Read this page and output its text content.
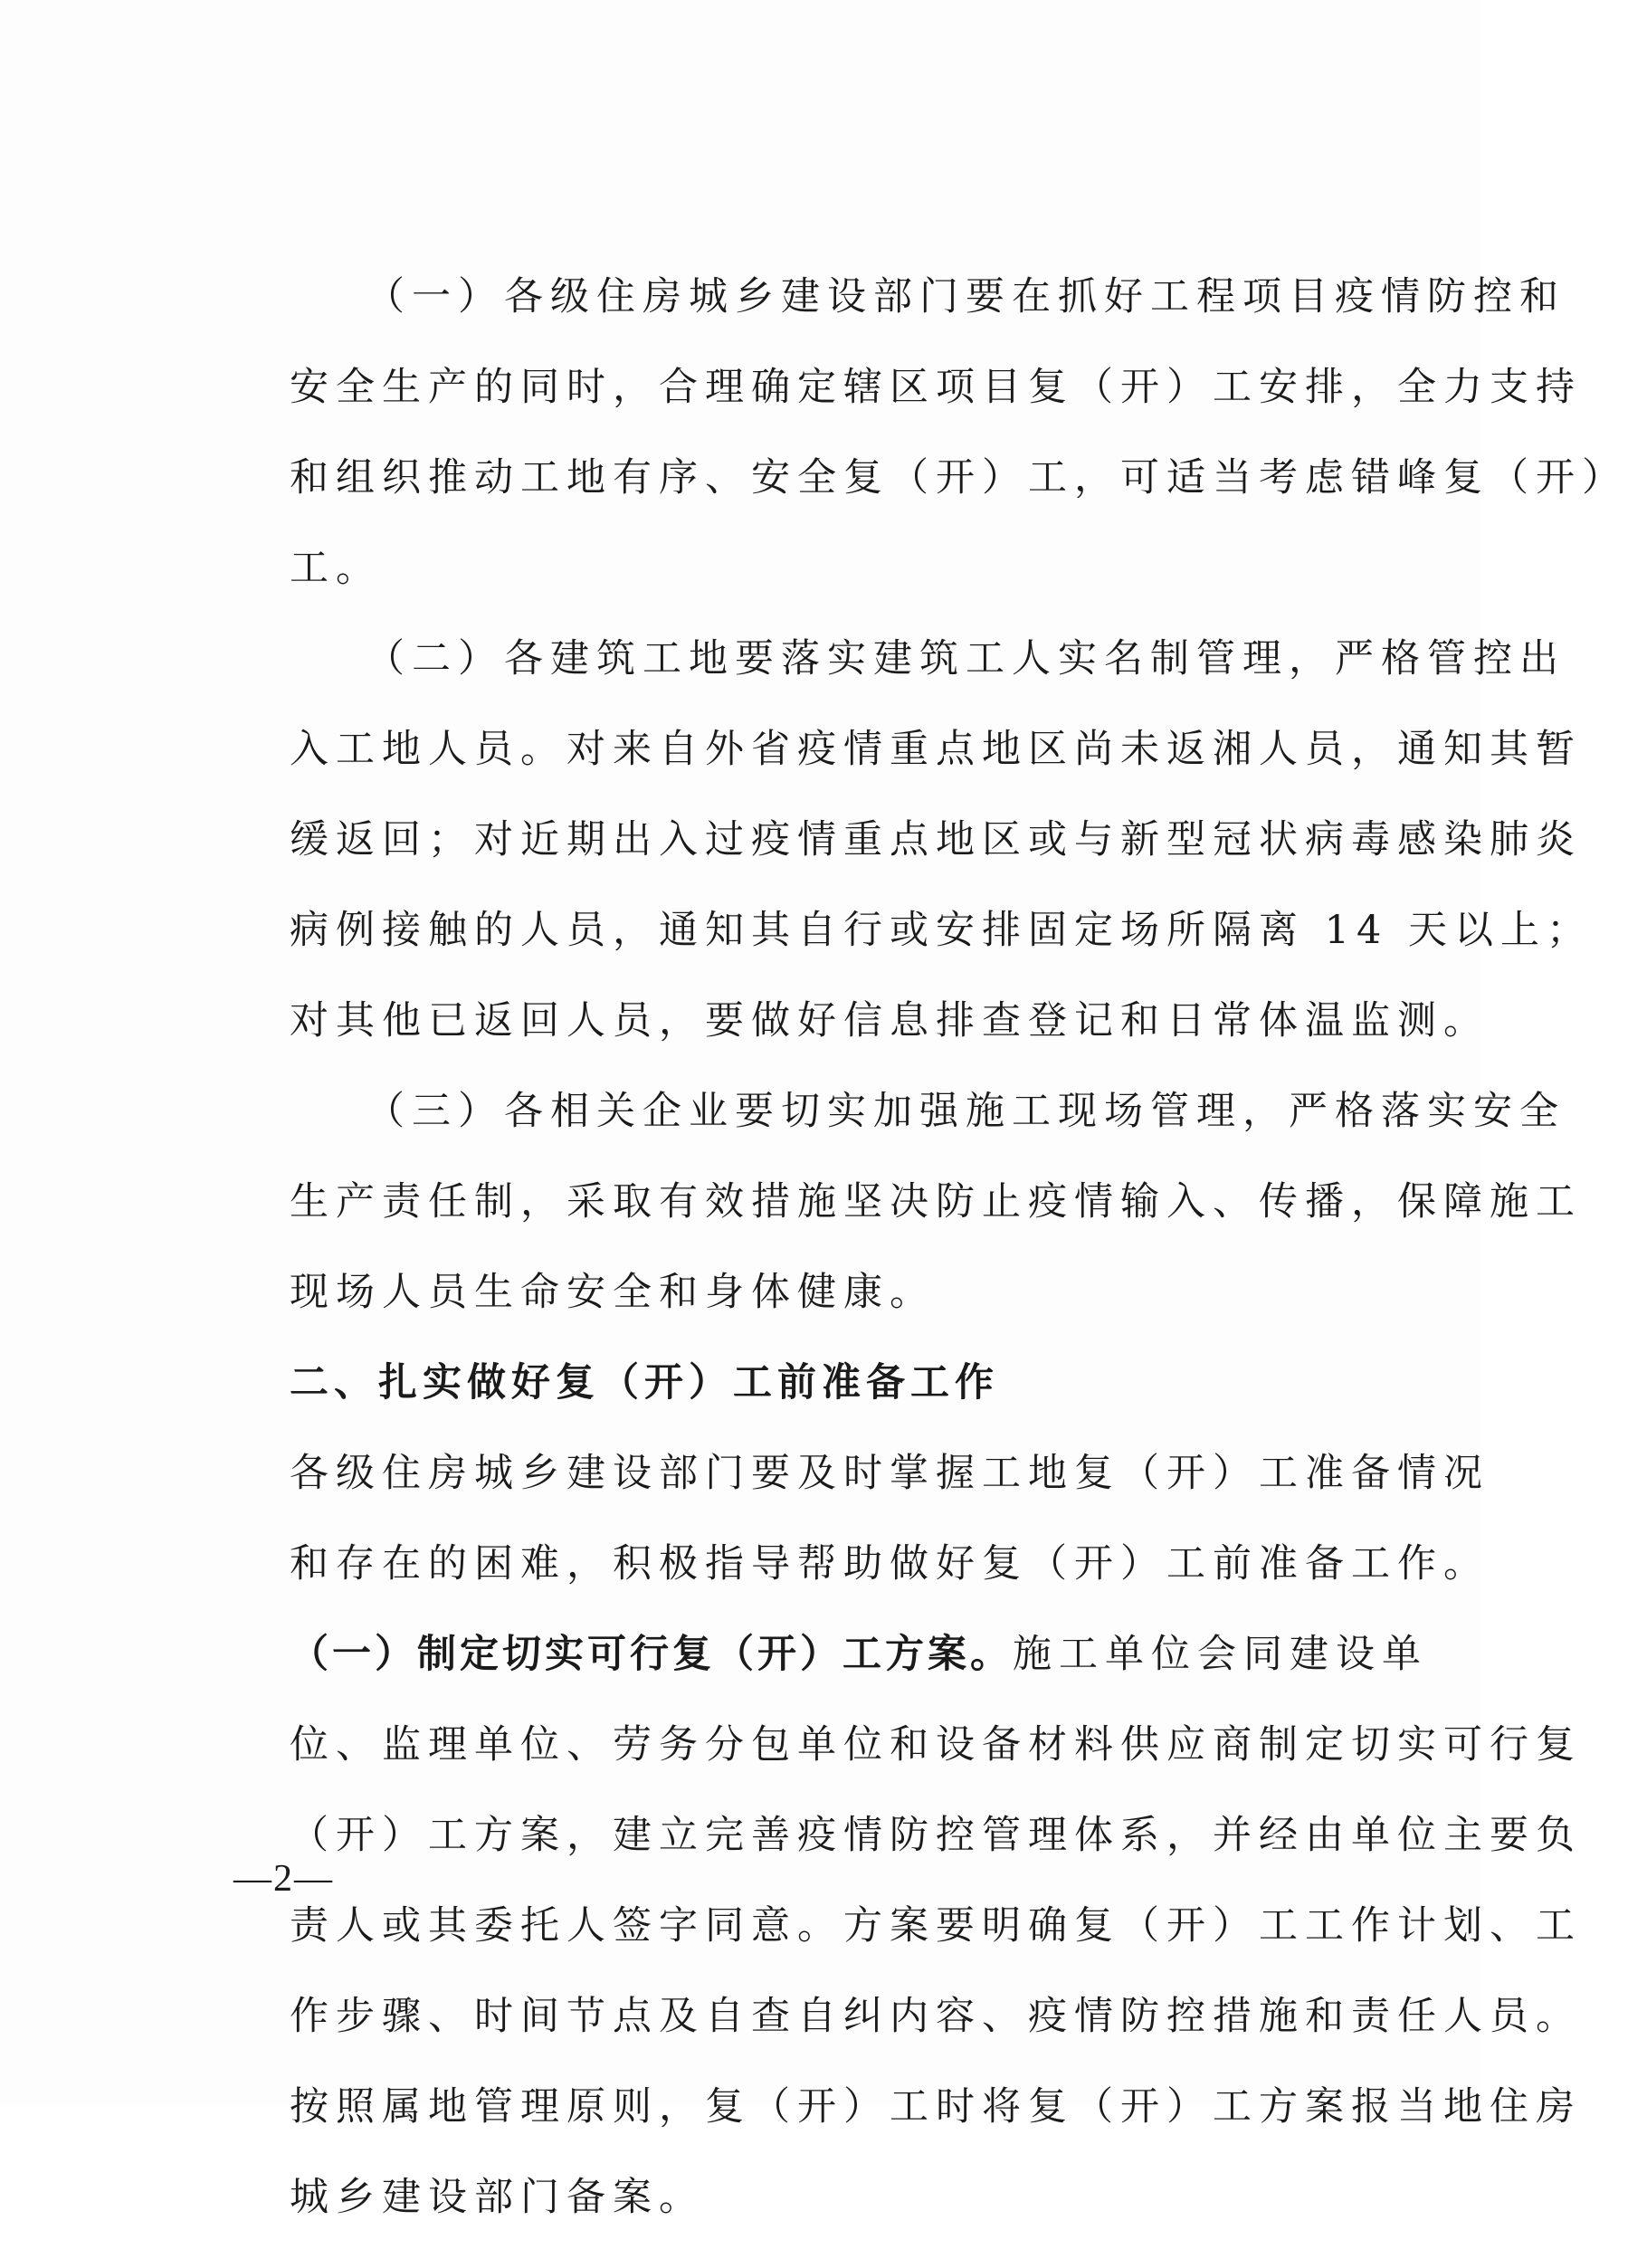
（一）各级住房城乡建设部门要在抓好工程项目疫情防控和
安全生产的同时，合理确定辖区项目复（开）工安排，全力支持
和组织推动工地有序、安全复（开）工，可适当考虑错峰复（开）
工。
（二）各建筑工地要落实建筑工人实名制管理，严格管控出
入工地人员。对来自外省疫情重点地区尚未返湘人员，通知其暂
缓返回；对近期出入过疫情重点地区或与新型冠状病毒感染肺炎
病例接触的人员，通知其自行或安排固定场所隔离 14 天以上；
对其他已返回人员，要做好信息排查登记和日常体温监测。
（三）各相关企业要切实加强施工现场管理，严格落实安全
生产责任制，采取有效措施坚决防止疫情输入、传播，保障施工
现场人员生命安全和身体健康。
二、扎实做好复（开）工前准备工作
各级住房城乡建设部门要及时掌握工地复（开）工准备情况
和存在的困难，积极指导帮助做好复（开）工前准备工作。
（一）制定切实可行复（开）工方案。施工单位会同建设单
位、监理单位、劳务分包单位和设备材料供应商制定切实可行复
（开）工方案，建立完善疫情防控管理体系，并经由单位主要负
责人或其委托人签字同意。方案要明确复（开）工工作计划、工
作步骤、时间节点及自查自纠内容、疫情防控措施和责任人员。
按照属地管理原则，复（开）工时将复（开）工方案报当地住房
城乡建设部门备案。
—2—
